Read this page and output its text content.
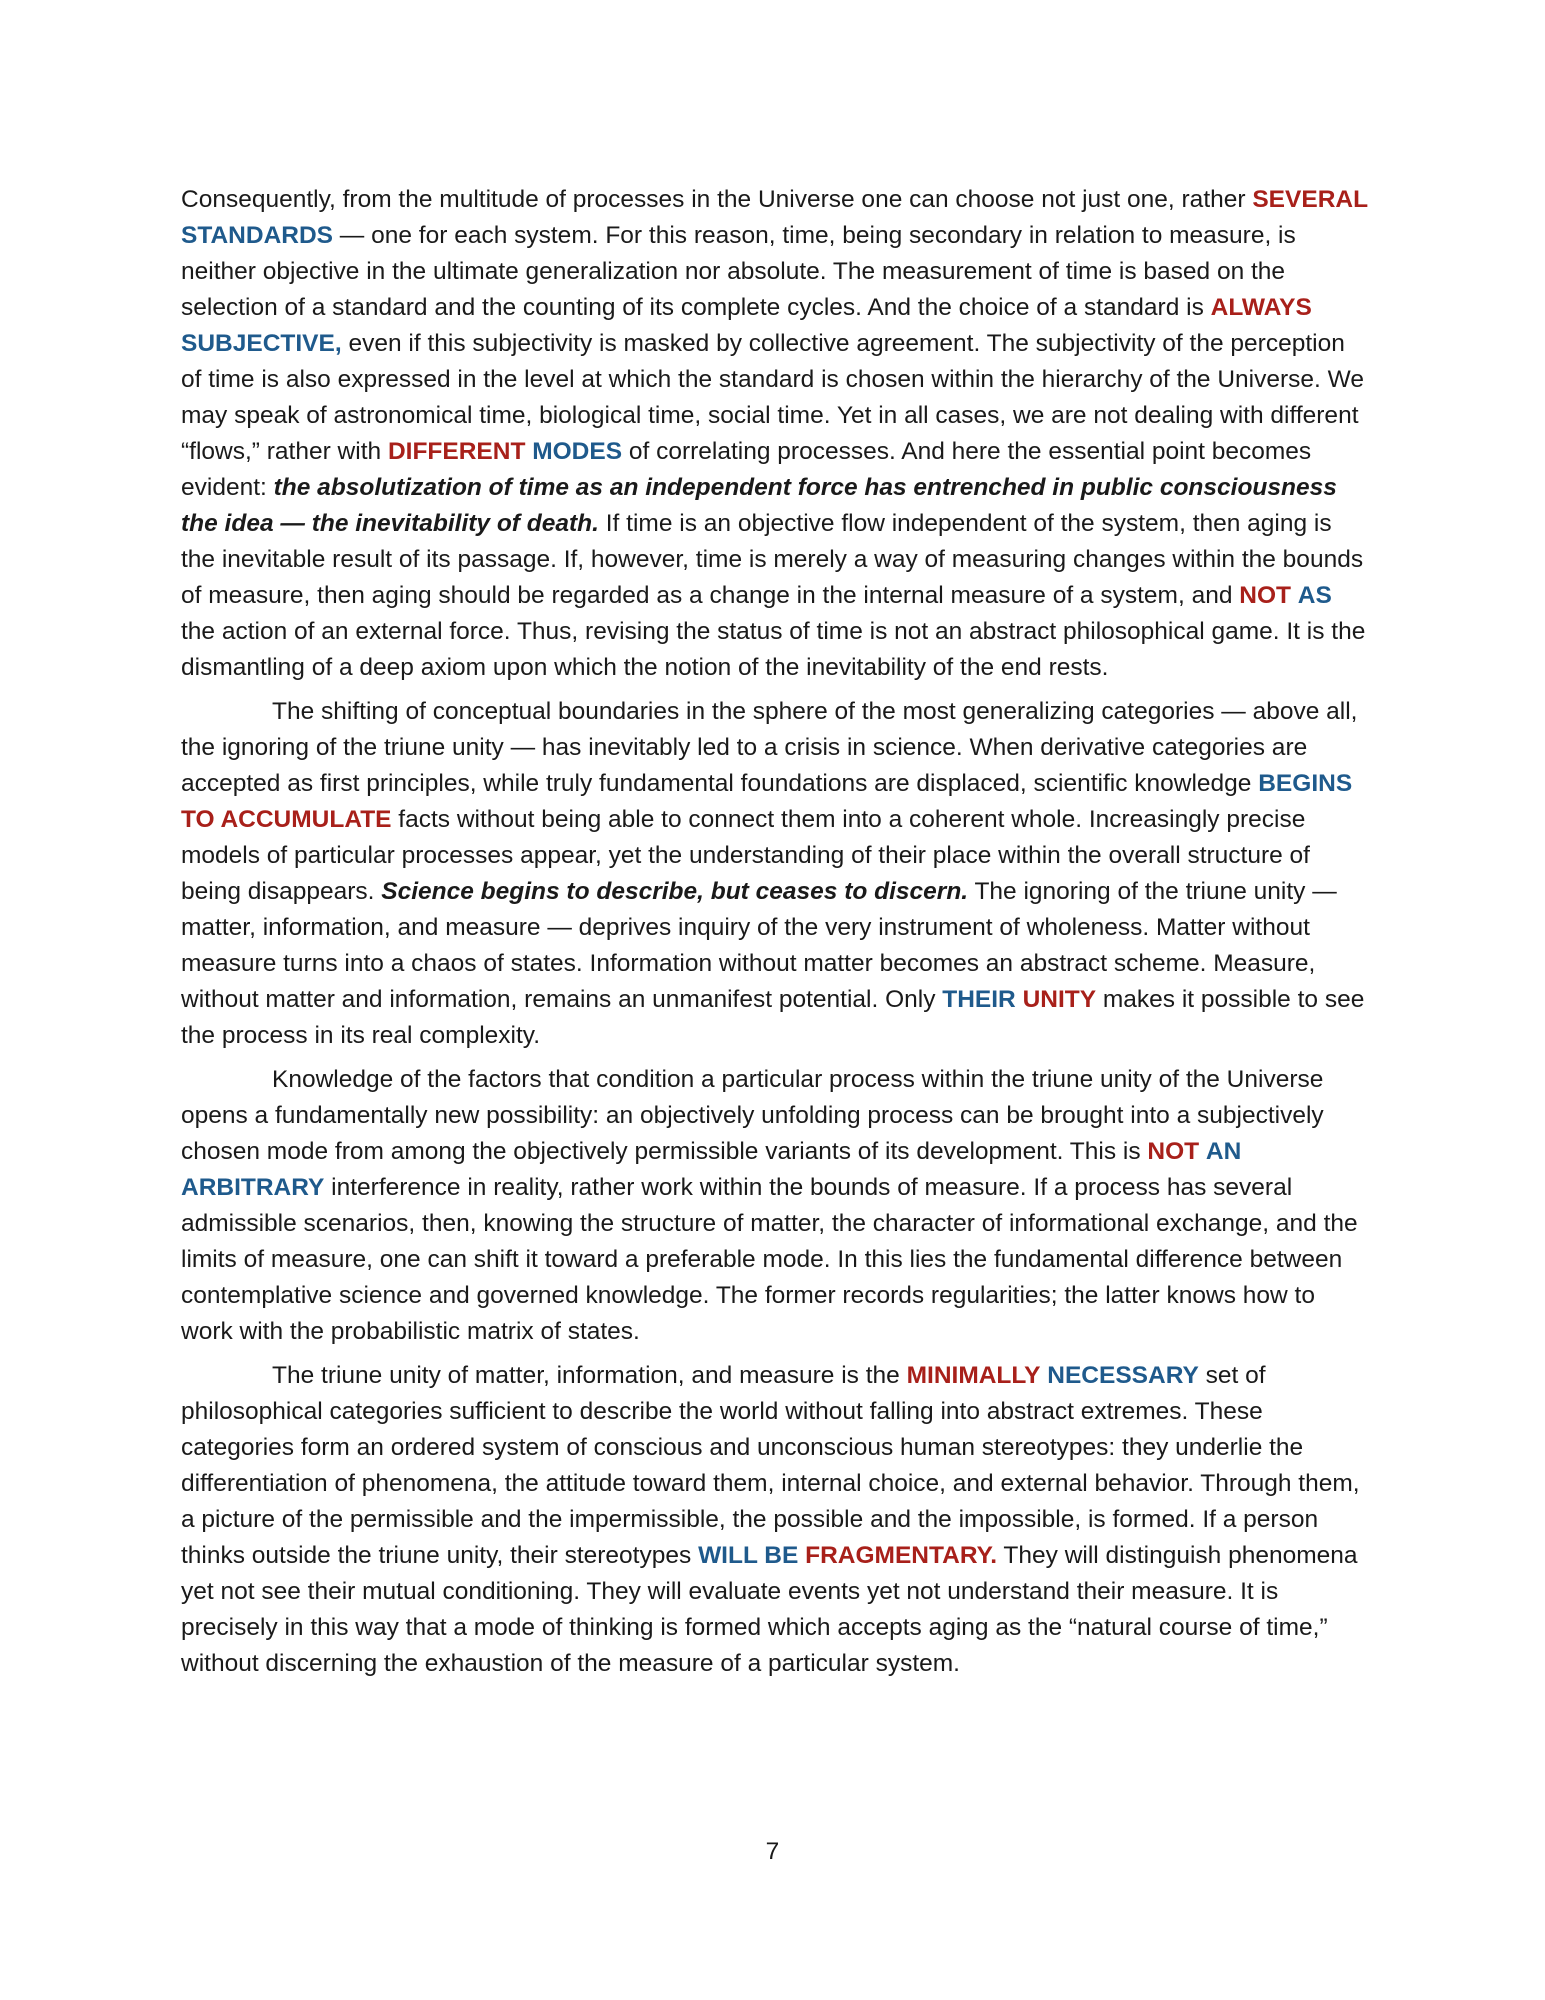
Consequently, from the multitude of processes in the Universe one can choose not just one, rather SEVERAL STANDARDS — one for each system. For this reason, time, being secondary in relation to measure, is neither objective in the ultimate generalization nor absolute. The measurement of time is based on the selection of a standard and the counting of its complete cycles. And the choice of a standard is ALWAYS SUBJECTIVE, even if this subjectivity is masked by collective agreement. The subjectivity of the perception of time is also expressed in the level at which the standard is chosen within the hierarchy of the Universe. We may speak of astronomical time, biological time, social time. Yet in all cases, we are not dealing with different “flows,” rather with DIFFERENT MODES of correlating processes. And here the essential point becomes evident: the absolutization of time as an independent force has entrenched in public consciousness the idea — the inevitability of death. If time is an objective flow independent of the system, then aging is the inevitable result of its passage. If, however, time is merely a way of measuring changes within the bounds of measure, then aging should be regarded as a change in the internal measure of a system, and NOT AS the action of an external force. Thus, revising the status of time is not an abstract philosophical game. It is the dismantling of a deep axiom upon which the notion of the inevitability of the end rests.

The shifting of conceptual boundaries in the sphere of the most generalizing categories — above all, the ignoring of the triune unity — has inevitably led to a crisis in science. When derivative categories are accepted as first principles, while truly fundamental foundations are displaced, scientific knowledge BEGINS TO ACCUMULATE facts without being able to connect them into a coherent whole. Increasingly precise models of particular processes appear, yet the understanding of their place within the overall structure of being disappears. Science begins to describe, but ceases to discern. The ignoring of the triune unity — matter, information, and measure — deprives inquiry of the very instrument of wholeness. Matter without measure turns into a chaos of states. Information without matter becomes an abstract scheme. Measure, without matter and information, remains an unmanifest potential. Only THEIR UNITY makes it possible to see the process in its real complexity.

Knowledge of the factors that condition a particular process within the triune unity of the Universe opens a fundamentally new possibility: an objectively unfolding process can be brought into a subjectively chosen mode from among the objectively permissible variants of its development. This is NOT AN ARBITRARY interference in reality, rather work within the bounds of measure. If a process has several admissible scenarios, then, knowing the structure of matter, the character of informational exchange, and the limits of measure, one can shift it toward a preferable mode. In this lies the fundamental difference between contemplative science and governed knowledge. The former records regularities; the latter knows how to work with the probabilistic matrix of states.

The triune unity of matter, information, and measure is the MINIMALLY NECESSARY set of philosophical categories sufficient to describe the world without falling into abstract extremes. These categories form an ordered system of conscious and unconscious human stereotypes: they underlie the differentiation of phenomena, the attitude toward them, internal choice, and external behavior. Through them, a picture of the permissible and the impermissible, the possible and the impossible, is formed. If a person thinks outside the triune unity, their stereotypes WILL BE FRAGMENTARY. They will distinguish phenomena yet not see their mutual conditioning. They will evaluate events yet not understand their measure. It is precisely in this way that a mode of thinking is formed which accepts aging as the “natural course of time,” without discerning the exhaustion of the measure of a particular system.

7
